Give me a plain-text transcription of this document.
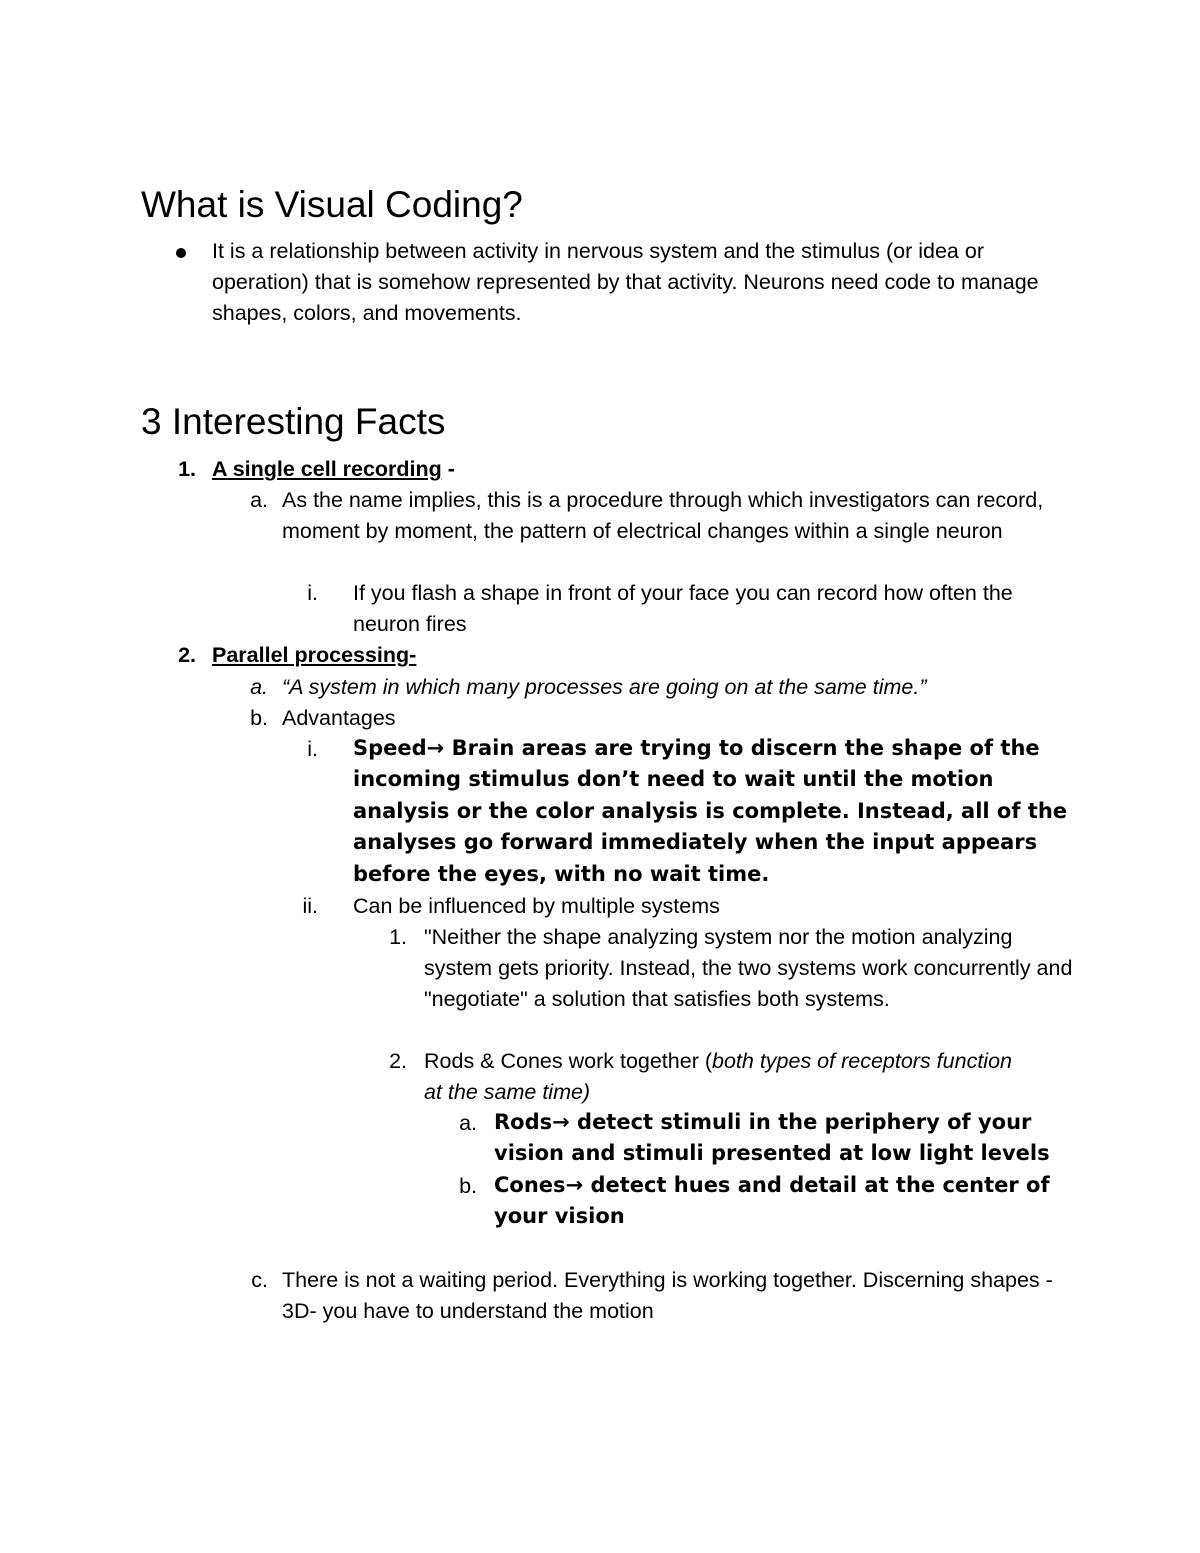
What is Visual Coding?

It is a relationship between activity in nervous system and the stimulus (or idea or operation) that is somehow represented by that activity. Neurons need code to manage shapes, colors, and movements.

3 Interesting Facts
1. A single cell recording -

a. As the name implies, this is a procedure through which investigators can record, moment by moment, the pattern of electrical changes within a single neuron

i. If you flash a shape in front of your face you can record how often the neuron fires

2. Parallel processing-

a. “A system in which many processes are going on at the same time.”

b. Advantages

i. Speed→ Brain areas are trying to discern the shape of the incoming stimulus don’t need to wait until the motion analysis or the color analysis is complete. Instead, all of the analyses go forward immediately when the input appears before the eyes, with no wait time.

ii. Can be influenced by multiple systems

1. "Neither the shape analyzing system nor the motion analyzing system gets priority. Instead, the two systems work concurrently and "negotiate" a solution that satisfies both systems.

2. Rods & Cones work together (both types of receptors function at the same time)

a. Rods→ detect stimuli in the periphery of your vision and stimuli presented at low light levels

b. Cones→ detect hues and detail at the center of your vision

c. There is not a waiting period. Everything is working together. Discerning shapes - 3D- you have to understand the motion
